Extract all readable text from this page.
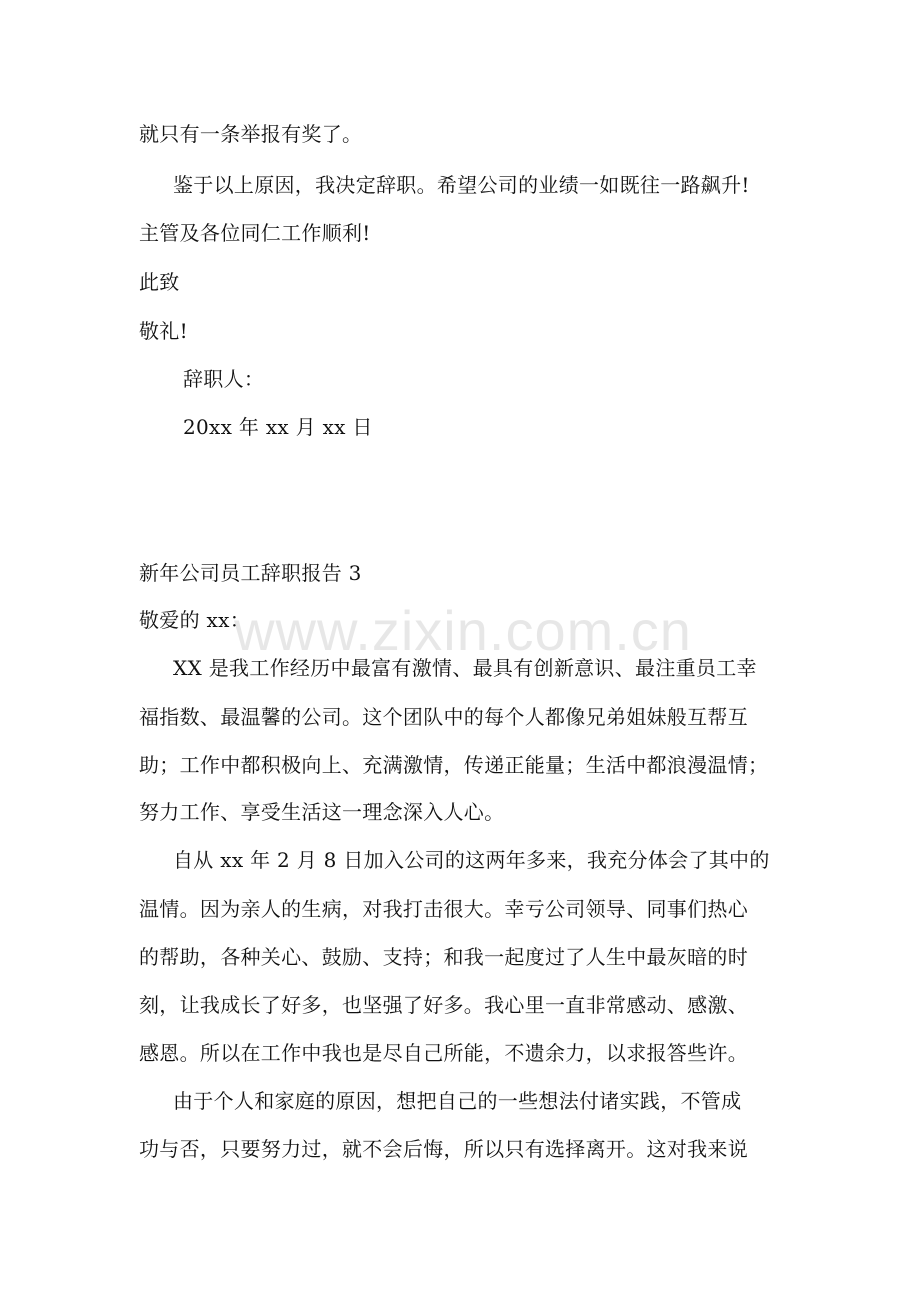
就只有一条举报有奖了。
鉴于以上原因，我决定辞职。希望公司的业绩一如既往一路飙升!
主管及各位同仁工作顺利!
此致
敬礼!
辞职人：
20xx 年 xx 月 xx 日
新年公司员工辞职报告 3
敬爱的 xx：
XX 是我工作经历中最富有激情、最具有创新意识、最注重员工幸
福指数、最温馨的公司。这个团队中的每个人都像兄弟姐妹般互帮互
助；工作中都积极向上、充满激情，传递正能量；生活中都浪漫温情；
努力工作、享受生活这一理念深入人心。
自从 xx 年 2 月 8 日加入公司的这两年多来，我充分体会了其中的
温情。因为亲人的生病，对我打击很大。幸亏公司领导、同事们热心
的帮助，各种关心、鼓励、支持；和我一起度过了人生中最灰暗的时
刻，让我成长了好多，也坚强了好多。我心里一直非常感动、感激、
感恩。所以在工作中我也是尽自己所能，不遗余力，以求报答些许。
由于个人和家庭的原因，想把自己的一些想法付诸实践，不管成
功与否，只要努力过，就不会后悔，所以只有选择离开。这对我来说
www.zixin.com.cn
